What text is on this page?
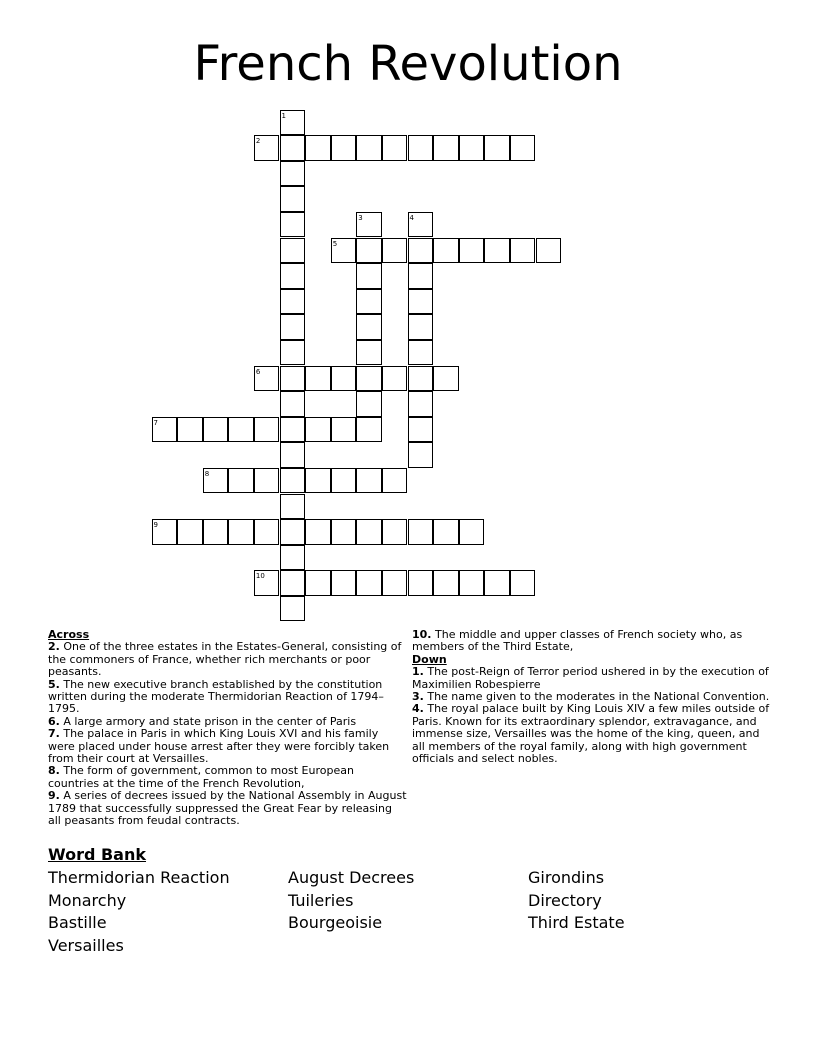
French Revolution
1
2
3	4
5
6
7
8
9
10
Across
2. One of the three estates in the Estates-General, consisting of the commoners of France, whether rich merchants or poor peasants.
5. The new executive branch established by the constitution written during the moderate Thermidorian Reaction of 1794–1795.
6. A large armory and state prison in the center of Paris
7. The palace in Paris in which King Louis XVI and his family were placed under house arrest after they were forcibly taken from their court at Versailles.
8. The form of government, common to most European countries at the time of the French Revolution,
9. A series of decrees issued by the National Assembly in August 1789 that successfully suppressed the Great Fear by releasing all peasants from feudal contracts.
10. The middle and upper classes of French society who, as members of the Third Estate,
Down
1. The post-Reign of Terror period ushered in by the execution of Maximilien Robespierre
3. The name given to the moderates in the National Convention.
4. The royal palace built by King Louis XIV a few miles outside of Paris. Known for its extraordinary splendor, extravagance, and immense size, Versailles was the home of the king, queen, and all members of the royal family, along with high government officials and select nobles.
Word Bank
Thermidorian Reaction	August Decrees	Girondins
Monarchy	Tuileries	Directory
Bastille	Bourgeoisie	Third Estate
Versailles
